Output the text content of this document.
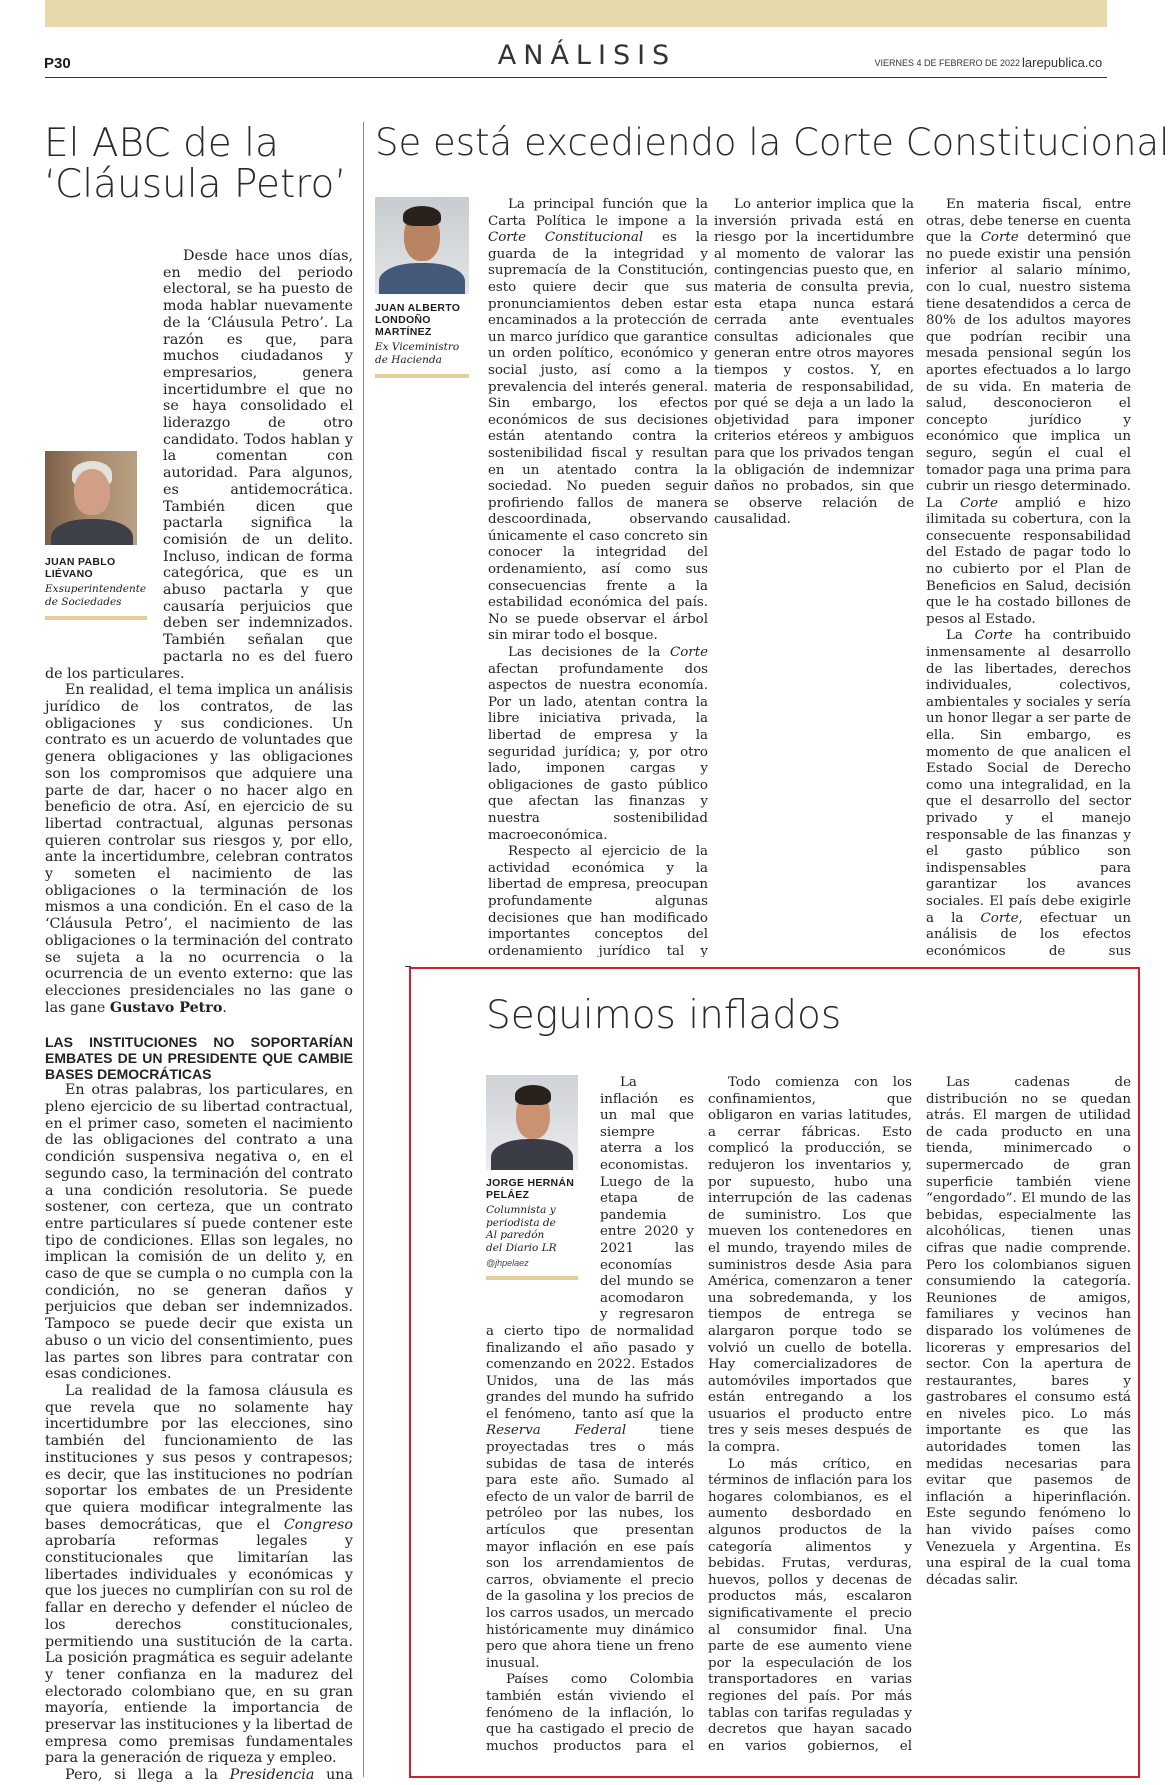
P30	ANÁLISIS	VIERNES 4 DE FEBRERO DE 2022 larepublica.co
El ABC de la
‘Cláusula Petro’
JUAN PABLO
LIÉVANO
Exsuperintendente
de Sociedades

Desde hace unos días, en medio del periodo electoral, se ha puesto de moda hablar nuevamente de la ‘Cláusula Petro’. La razón es que, para muchos ciudadanos y empresarios, genera incertidumbre el que no se haya consolidado el liderazgo de otro candidato. Todos hablan y la comentan con autoridad. Para algunos, es antidemocrática. También dicen que pactarla significa la comisión de un delito. Incluso, indican de forma categórica, que es un abuso pactarla y que causaría perjuicios que deben ser indemnizados. También señalan que pactarla no es del fuero de los particulares.

En realidad, el tema implica un análisis jurídico de los contratos, de las obligaciones y sus condiciones. Un contrato es un acuerdo de voluntades que genera obligaciones y las obligaciones son los compromisos que adquiere una parte de dar, hacer o no hacer algo en beneficio de otra. Así, en ejercicio de su libertad contractual, algunas personas quieren controlar sus riesgos y, por ello, ante la incertidumbre, celebran contratos y someten el nacimiento de las obligaciones o la terminación de los mismos a una condición. En el caso de la ‘Cláusula Petro’, el nacimiento de las obligaciones o la terminación del contrato se sujeta a la no ocurrencia o la ocurrencia de un evento externo: que las elecciones presidenciales no las gane o las gane Gustavo Petro.

LAS INSTITUCIONES NO SOPORTARÍAN EMBATES DE UN PRESIDENTE QUE CAMBIE BASES DEMOCRÁTICAS

En otras palabras, los particulares, en pleno ejercicio de su libertad contractual, en el primer caso, someten el nacimiento de las obligaciones del contrato a una condición suspensiva negativa o, en el segundo caso, la terminación del contrato a una condición resolutoria. Se puede sostener, con certeza, que un contrato entre particulares sí puede contener este tipo de condiciones. Ellas son legales, no implican la comisión de un delito y, en caso de que se cumpla o no cumpla con la condición, no se generan daños y perjuicios que deban ser indemnizados. Tampoco se puede decir que exista un abuso o un vicio del consentimiento, pues las partes son libres para contratar con esas condiciones.

La realidad de la famosa cláusula es que revela que no solamente hay incertidumbre por las elecciones, sino también del funcionamiento de las instituciones y sus pesos y contrapesos; es decir, que las instituciones no podrían soportar los embates de un Presidente que quiera modificar integralmente las bases democráticas, que el Congreso aprobaría reformas legales y constitucionales que limitarían las libertades individuales y económicas y que los jueces no cumplirían con su rol de fallar en derecho y defender el núcleo de los derechos constitucionales, permitiendo una sustitución de la carta. La posición pragmática es seguir adelante y tener confianza en la madurez del electorado colombiano que, en su gran mayoría, entiende la importancia de preservar las instituciones y la libertad de empresa como premisas fundamentales para la generación de riqueza y empleo.

Pero, si llega a la Presidencia una

Se está excediendo la Corte Constitucional
JUAN ALBERTO
LONDOÑO
MARTÍNEZ
Ex Viceministro
de Hacienda

La principal función que la Carta Política le impone a la Corte Constitucional es la guarda de la integridad y supremacía de la Constitución, esto quiere decir que sus pronunciamientos deben estar encaminados a la protección de un marco jurídico que garantice un orden político, económico y social justo, así como a la prevalencia del interés general. Sin embargo, los efectos económicos de sus decisiones están atentando contra la sostenibilidad fiscal y resultan en un atentado contra la sociedad. No pueden seguir profiriendo fallos de manera descoordinada, observando únicamente el caso concreto sin conocer la integridad del ordenamiento, así como sus consecuencias frente a la estabilidad económica del país. No se puede observar el árbol sin mirar todo el bosque.

Las decisiones de la Corte afectan profundamente dos aspectos de nuestra economía. Por un lado, atentan contra la libre iniciativa privada, la libertad de empresa y la seguridad jurídica; y, por otro lado, imponen cargas y obligaciones de gasto público que afectan las finanzas y nuestra sostenibilidad macroeconómica.

Respecto al ejercicio de la actividad económica y la libertad de empresa, preocupan profundamente algunas decisiones que han modificado importantes conceptos del ordenamiento jurídico tal y

Lo anterior implica que la inversión privada está en riesgo por la incertidumbre al momento de valorar las contingencias puesto que, en materia de consulta previa, esta etapa nunca estará cerrada ante eventuales consultas adicionales que generan entre otros mayores tiempos y costos. Y, en materia de responsabilidad, por qué se deja a un lado la objetividad para imponer criterios etéreos y ambiguos para que los privados tengan la obligación de indemnizar daños no probados, sin que se observe relación de causalidad.

En materia fiscal, entre otras, debe tenerse en cuenta que la Corte determinó que no puede existir una pensión inferior al salario mínimo, con lo cual, nuestro sistema tiene desatendidos a cerca de 80% de los adultos mayores que podrían recibir una mesada pensional según los aportes efectuados a lo largo de su vida. En materia de salud, desconocieron el concepto jurídico y económico que implica un seguro, según el cual el tomador paga una prima para cubrir un riesgo determinado. La Corte amplió e hizo ilimitada su cobertura, con la consecuente responsabilidad del Estado de pagar todo lo no cubierto por el Plan de Beneficios en Salud, decisión que le ha costado billones de pesos al Estado.

La Corte ha contribuido inmensamente al desarrollo de las libertades, derechos individuales, colectivos, ambientales y sociales y sería un honor llegar a ser parte de ella. Sin embargo, es momento de que analicen el Estado Social de Derecho como una integralidad, en la que el desarrollo del sector privado y el manejo responsable de las finanzas y el gasto público son indispensables para garantizar los avances sociales. El país debe exigirle a la Corte, efectuar un análisis de los efectos económicos de sus

Seguimos inflados
JORGE HERNÁN
PELÁEZ
Columnista y
periodista de
Al paredón
del Diario LR
@jhpelaez

La inflación es un mal que siempre aterra a los economistas. Luego de la etapa de pandemia entre 2020 y 2021 las economías del mundo se acomodaron y regresaron a cierto tipo de normalidad finalizando el año pasado y comenzando en 2022. Estados Unidos, una de las más grandes del mundo ha sufrido el fenómeno, tanto así que la Reserva Federal	tiene proyectadas tres o más subidas de tasa de interés para este año. Sumado al efecto de un valor de barril de petróleo por las nubes, los artículos que presentan mayor inflación en ese país son los arrendamientos de carros, obviamente el precio de la gasolina y los precios de los carros usados, un mercado históricamente muy dinámico pero que ahora tiene un freno inusual.

Países como Colombia también están viviendo el fenómeno de la inflación, lo que ha castigado el precio de muchos productos para el

Todo comienza con los confinamientos, que obligaron en varias latitudes, a cerrar fábricas. Esto complicó la producción, se redujeron los inventarios y, por supuesto, hubo una interrupción de las cadenas de suministro. Los que mueven los contenedores en el mundo, trayendo miles de suministros desde Asia para América, comenzaron a tener una sobredemanda, y los tiempos de entrega se alargaron porque todo se volvió un cuello de botella. Hay comercializadores de automóviles importados que están entregando a los usuarios el producto entre tres y seis meses después de la compra.

Lo más crítico, en términos de inflación para los hogares colombianos, es el aumento desbordado en algunos productos de la categoría alimentos y bebidas. Frutas, verduras, huevos, pollos y decenas de productos más, escalaron significativamente el precio al consumidor final. Una parte de ese aumento viene por la especulación de los transportadores en varias regiones del país. Por más tablas con tarifas reguladas y decretos que hayan sacado en varios gobiernos, el

Las cadenas de distribución no se quedan atrás. El margen de utilidad de cada producto en una tienda, minimercado o supermercado de gran superficie también viene “engordado”. El mundo de las bebidas, especialmente las alcohólicas, tienen unas cifras que nadie comprende. Pero los colombianos siguen consumiendo la categoría. Reuniones de amigos, familiares y vecinos han disparado los volúmenes de licoreras y empresarios del sector. Con la apertura de restaurantes, bares y gastrobares el consumo está en niveles pico. Lo más importante es que las autoridades tomen las medidas necesarias para evitar que pasemos de inflación a hiperinflación. Este segundo fenómeno lo han vivido países como Venezuela y Argentina. Es una espiral de la cual toma décadas salir.
